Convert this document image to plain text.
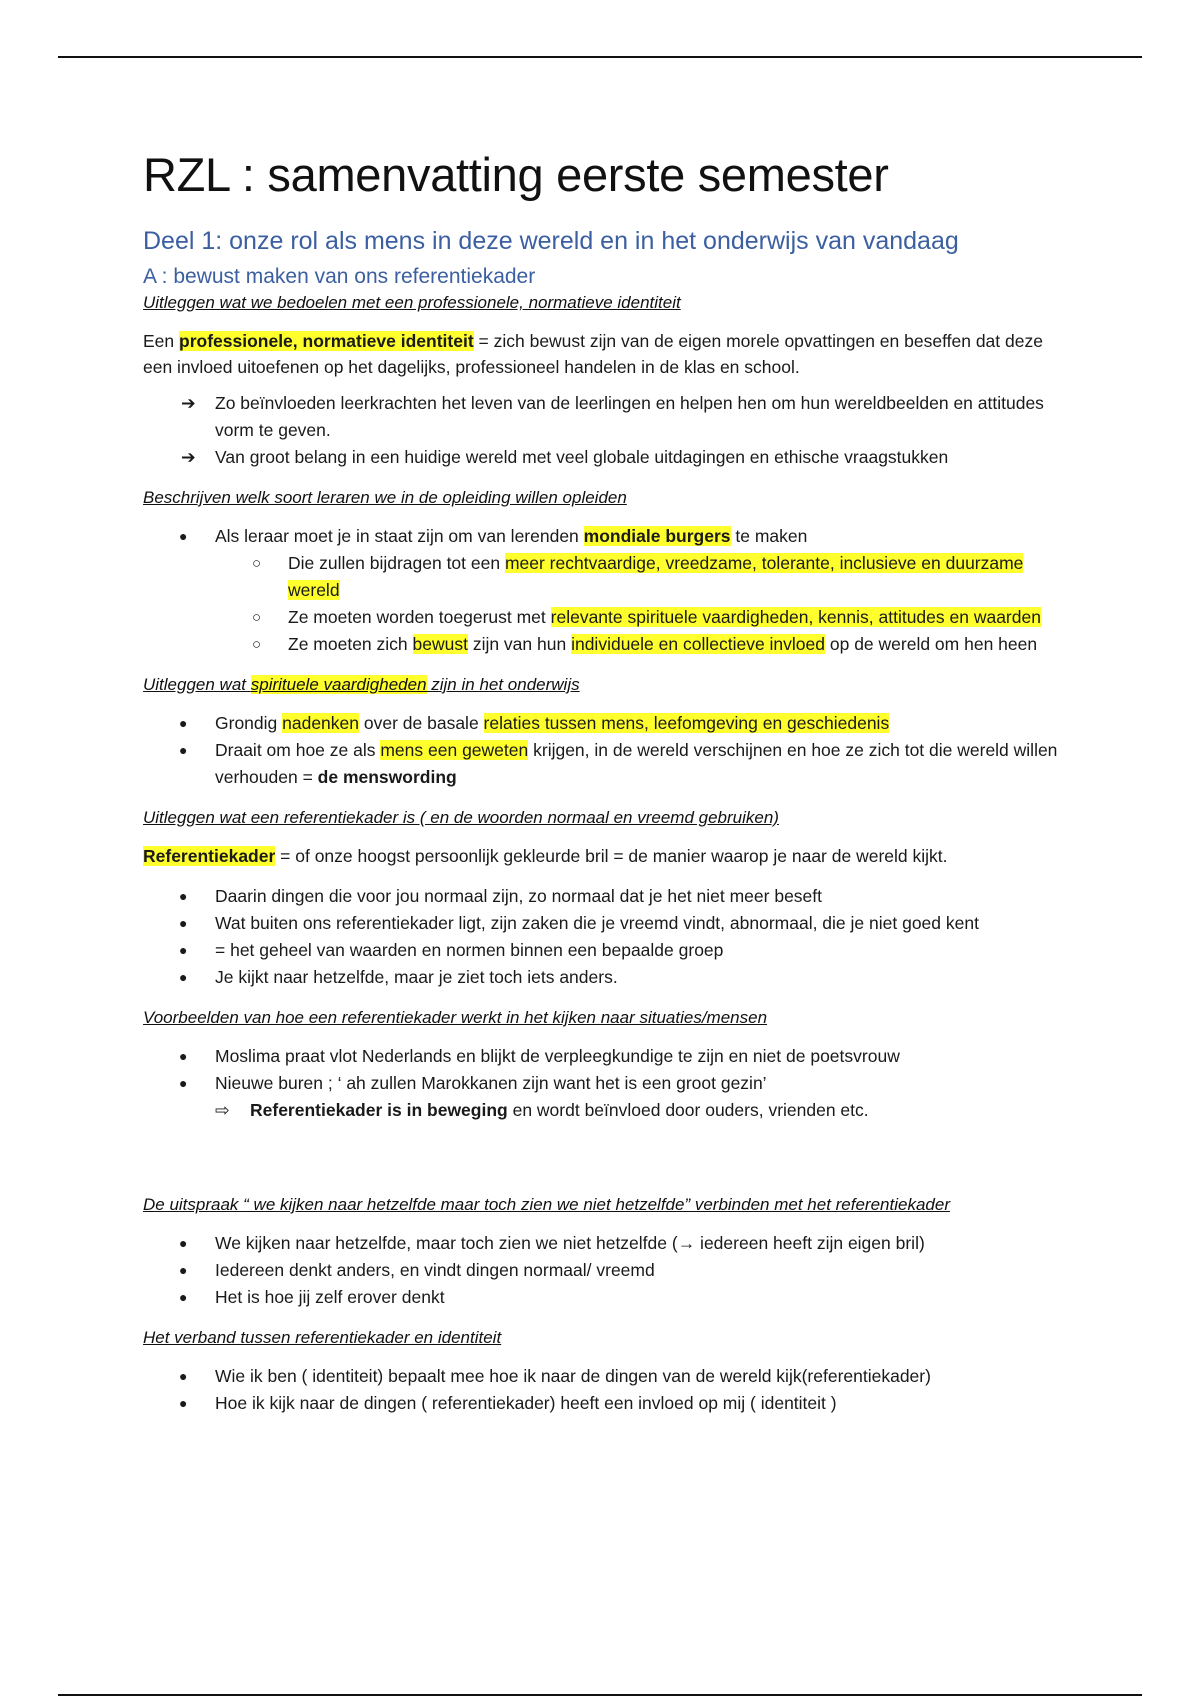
RZL : samenvatting eerste semester
Deel 1: onze rol als mens in deze wereld en in het onderwijs van vandaag
A : bewust maken van ons referentiekader
Uitleggen wat we bedoelen met een professionele, normatieve identiteit

Een professionele, normatieve identiteit = zich bewust zijn van de eigen morele opvattingen en beseffen dat deze een invloed uitoefenen op het dagelijks, professioneel handelen in de klas en school.

➔ Zo beïnvloeden leerkrachten het leven van de leerlingen en helpen hen om hun wereldbeelden en attitudes vorm te geven.
➔ Van groot belang in een huidige wereld met veel globale uitdagingen en ethische vraagstukken
Beschrijven welk soort leraren we in de opleiding willen opleiden
● Als leraar moet je in staat zijn om van lerenden mondiale burgers te maken
○ Die zullen bijdragen tot een meer rechtvaardige, vreedzame, tolerante, inclusieve en duurzame wereld
○ Ze moeten worden toegerust met relevante spirituele vaardigheden, kennis, attitudes en waarden
○ Ze moeten zich bewust zijn van hun individuele en collectieve invloed op de wereld om hen heen
Uitleggen wat spirituele vaardigheden zijn in het onderwijs
● Grondig nadenken over de basale relaties tussen mens, leefomgeving en geschiedenis
● Draait om hoe ze als mens een geweten krijgen, in de wereld verschijnen en hoe ze zich tot die wereld willen verhouden = de menswording
Uitleggen wat een referentiekader is ( en de woorden normaal en vreemd gebruiken)

Referentiekader = of onze hoogst persoonlijk gekleurde bril = de manier waarop je naar de wereld kijkt.

● Daarin dingen die voor jou normaal zijn, zo normaal dat je het niet meer beseft
● Wat buiten ons referentiekader ligt, zijn zaken die je vreemd vindt, abnormaal, die je niet goed kent
● = het geheel van waarden en normen binnen een bepaalde groep
● Je kijkt naar hetzelfde, maar je ziet toch iets anders.
Voorbeelden van hoe een referentiekader werkt in het kijken naar situaties/mensen
● Moslima praat vlot Nederlands en blijkt de verpleegkundige te zijn en niet de poetsvrouw
● Nieuwe buren ; ‘ ah zullen Marokkanen zijn want het is een groot gezin’
⇨ Referentiekader is in beweging en wordt beïnvloed door ouders, vrienden etc.
De uitspraak “ we kijken naar hetzelfde maar toch zien we niet hetzelfde” verbinden met het referentiekader
● We kijken naar hetzelfde, maar toch zien we niet hetzelfde (→ iedereen heeft zijn eigen bril)
● Iedereen denkt anders, en vindt dingen normaal/ vreemd
● Het is hoe jij zelf erover denkt
Het verband tussen referentiekader en identiteit
● Wie ik ben ( identiteit) bepaalt mee hoe ik naar de dingen van de wereld kijk(referentiekader)
● Hoe ik kijk naar de dingen ( referentiekader) heeft een invloed op mij ( identiteit )
